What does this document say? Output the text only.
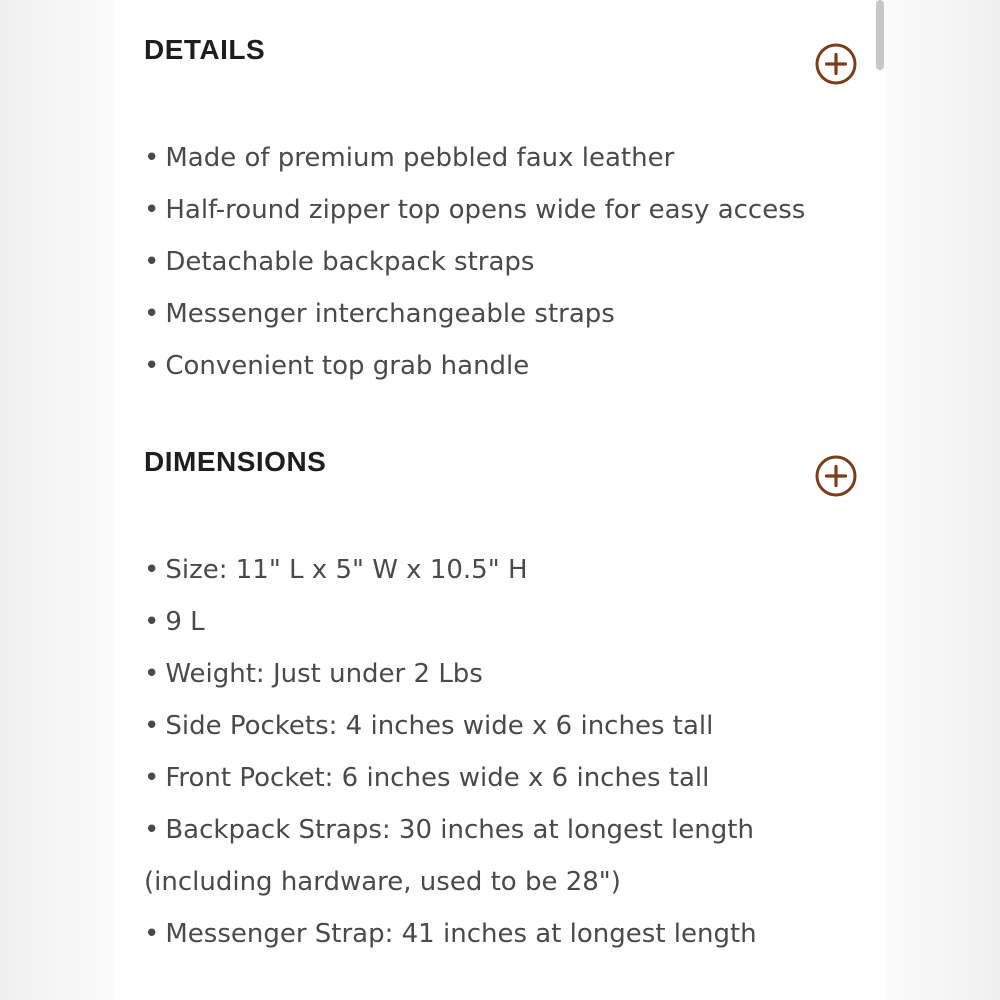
DETAILS
• Made of premium pebbled faux leather
• Half-round zipper top opens wide for easy access
• Detachable backpack straps
• Messenger interchangeable straps
• Convenient top grab handle
DIMENSIONS
• Size: 11" L x 5" W x 10.5" H
• 9 L
• Weight: Just under 2 Lbs
• Side Pockets: 4 inches wide x 6 inches tall
• Front Pocket: 6 inches wide x 6 inches tall
• Backpack Straps: 30 inches at longest length (including hardware, used to be 28")
• Messenger Strap: 41 inches at longest length
